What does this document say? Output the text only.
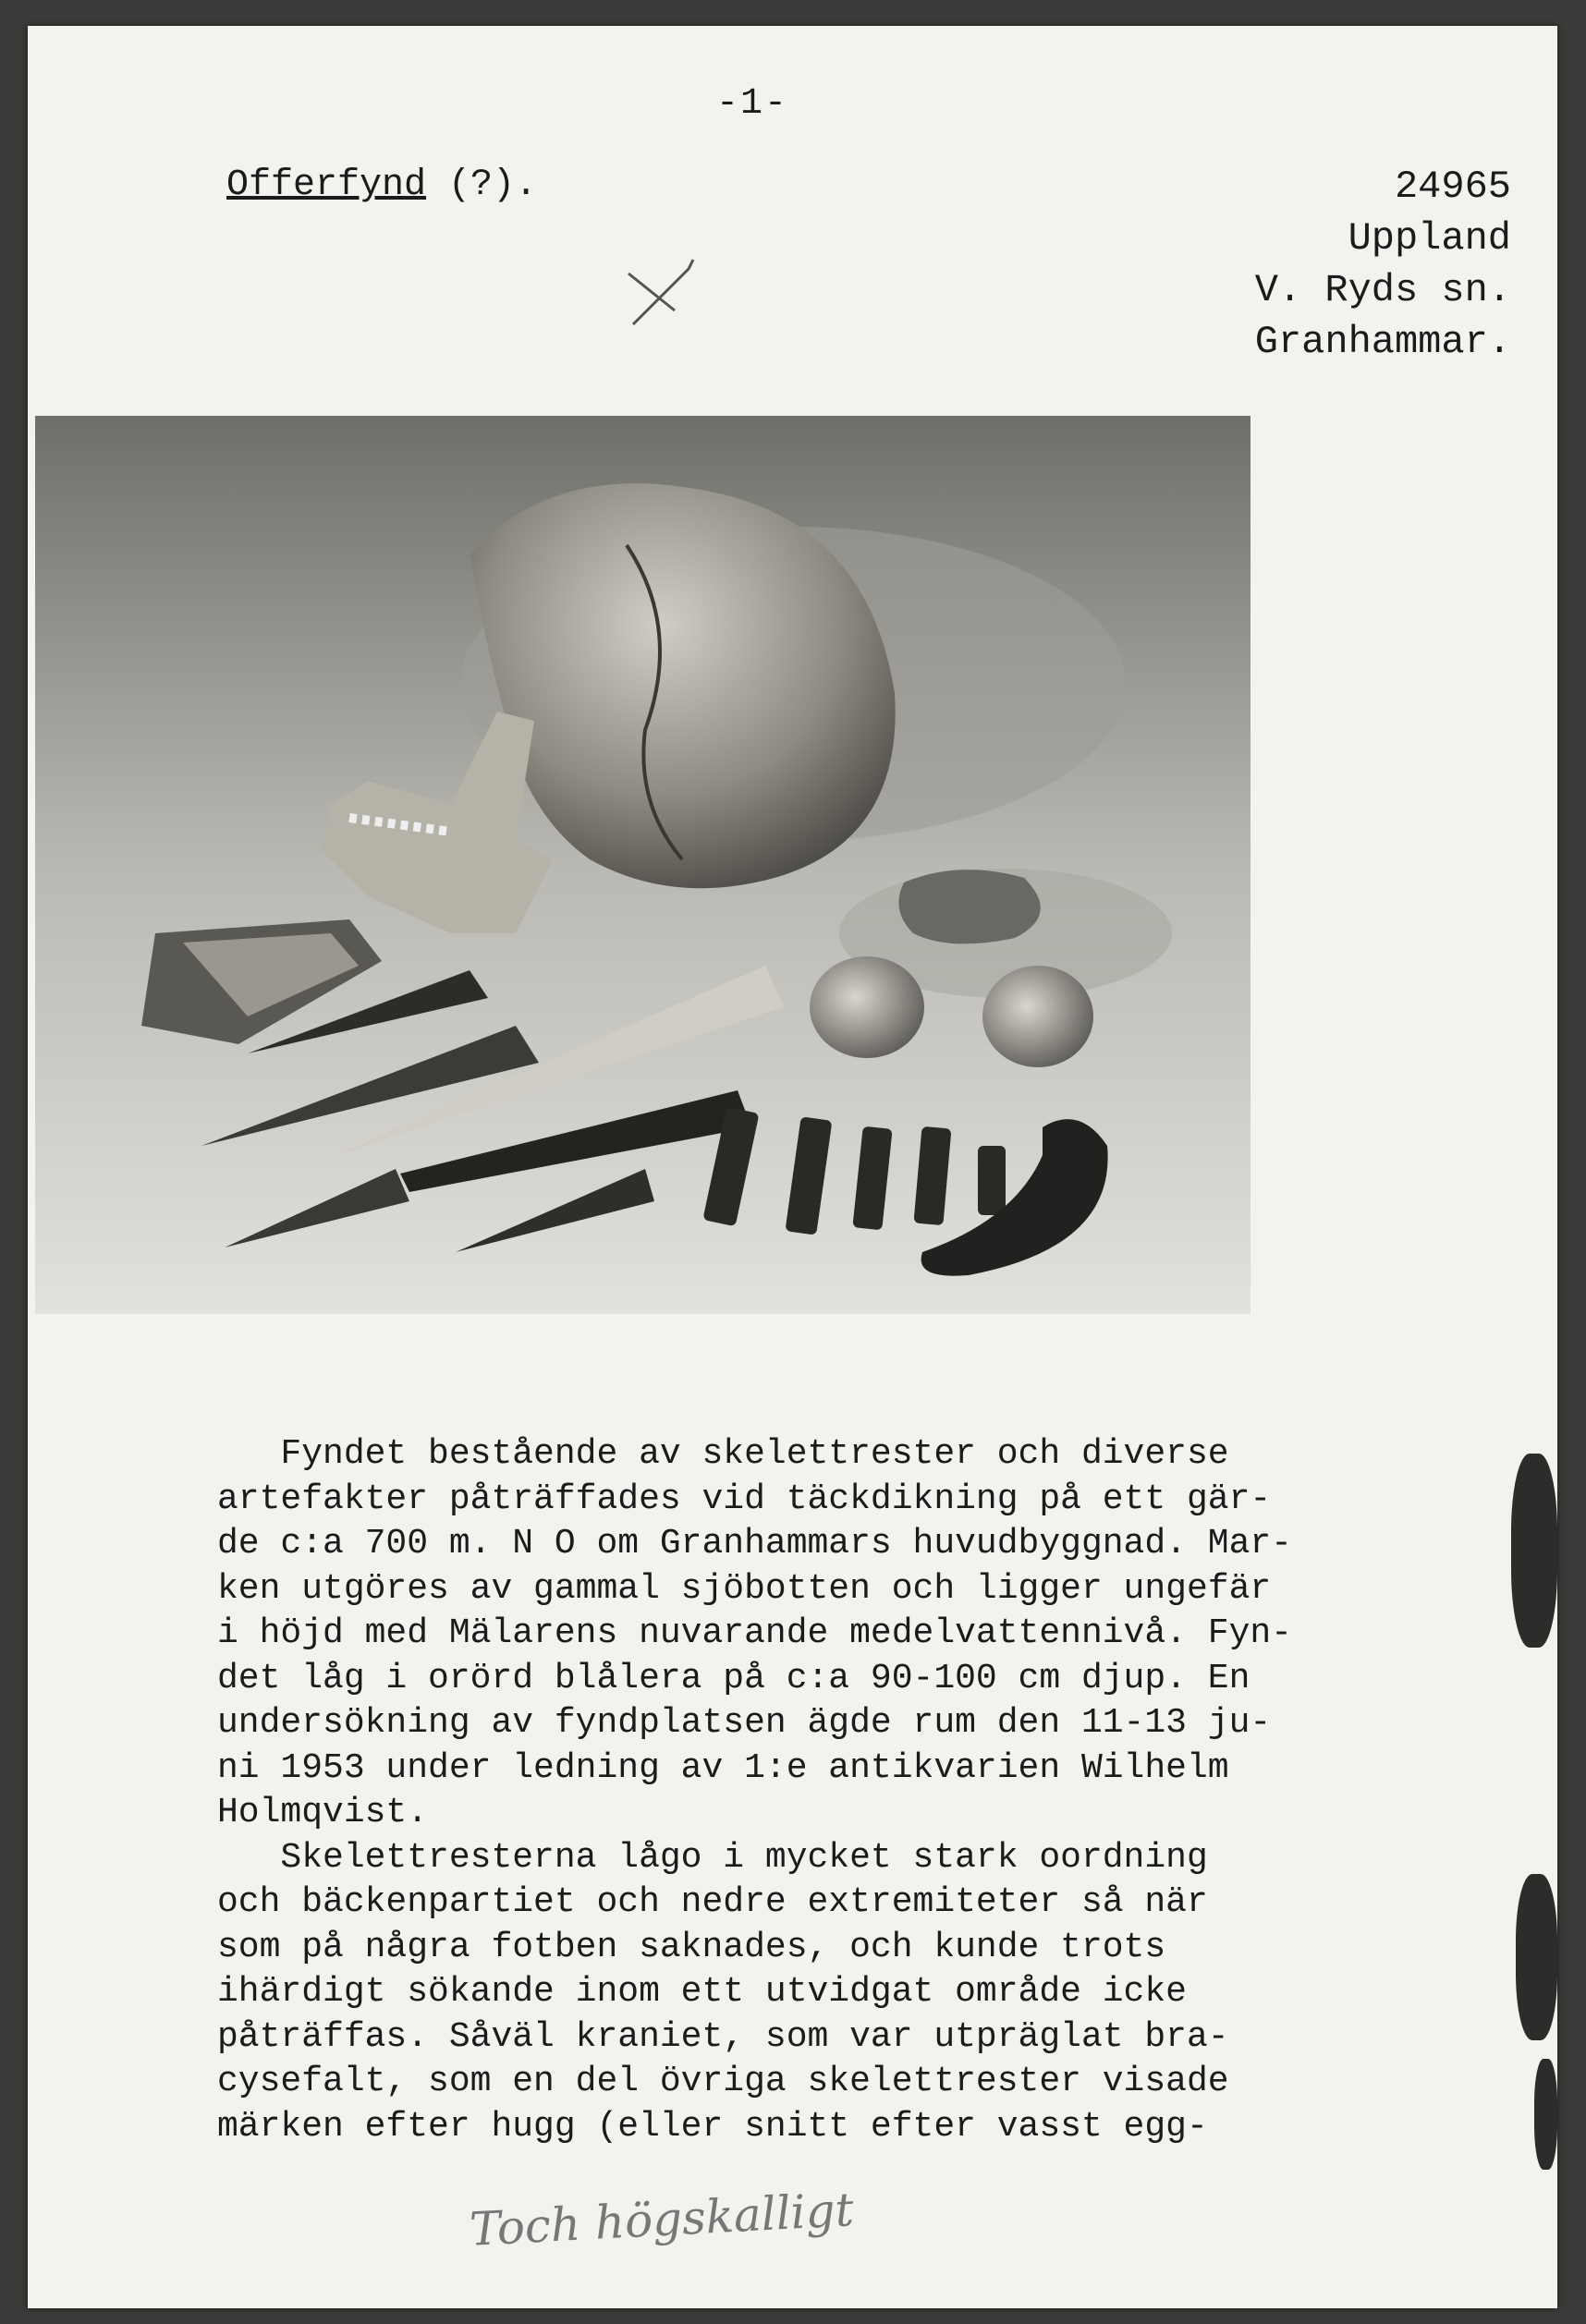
-1-

Offerfynd (?).	24965
Uppland
V. Ryds sn.
Granhammar.

Fyndet bestående av skelettrester och diverse
artefakter påträffades vid täckdikning på ett gär-
de c:a 700 m. N O om Granhammars huvudbyggnad. Mar-
ken utgöres av gammal sjöbotten och ligger ungefär
i höjd med Mälarens nuvarande medelvattennivå. Fyn-
det låg i orörd blålera på c:a 90-100 cm djup. En
undersökning av fyndplatsen ägde rum den 11-13 ju-
ni 1953 under ledning av 1:e antikvarien Wilhelm
Holmqvist.
Skelettresterna lågo i mycket stark oordning
och bäckenpartiet och nedre extremiteter så när
som på några fotben saknades, och kunde trots
ihärdigt sökande inom ett utvidgat område icke
påträffas. Såväl kraniet, som var utpräglat bra-
cysefalt, som en del övriga skelettrester visade
märken efter hugg (eller snitt efter vasst egg-

Toch högskalligt
